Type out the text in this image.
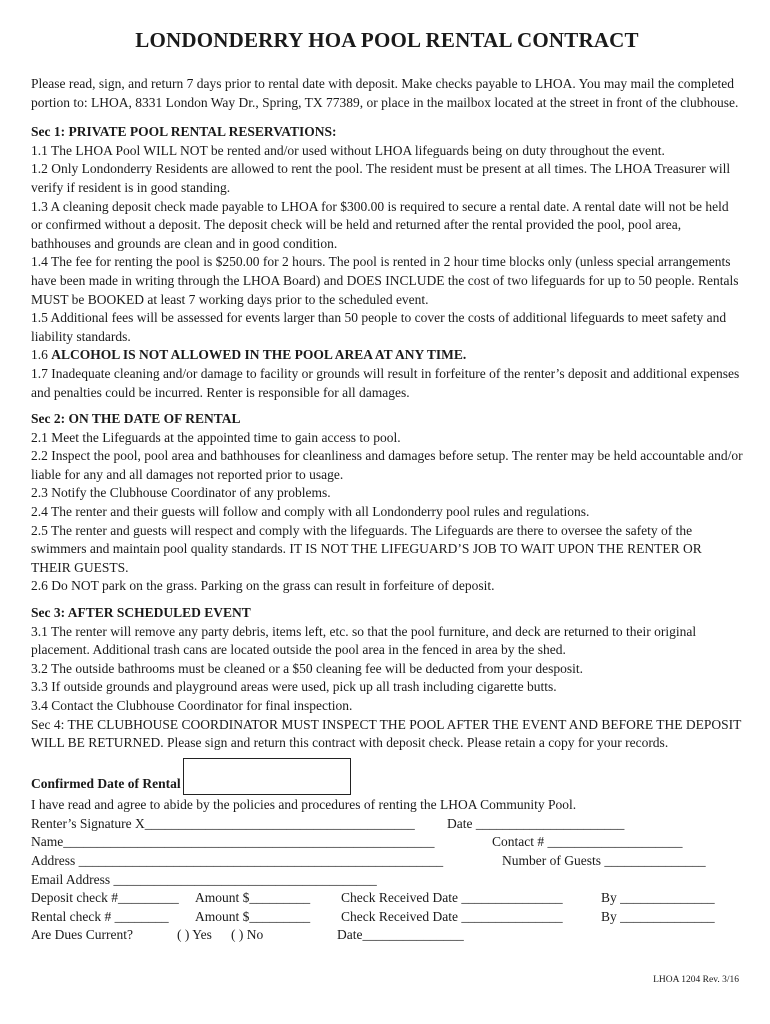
LONDONDERRY HOA POOL RENTAL CONTRACT

Please read, sign, and return 7 days prior to rental date with deposit. Make checks payable to LHOA. You may mail the completed portion to: LHOA, 8331 London Way Dr., Spring, TX 77389, or place in the mailbox located at the street in front of the clubhouse.

Sec 1: PRIVATE POOL RENTAL RESERVATIONS:

1.1 The LHOA Pool WILL NOT be rented and/or used without LHOA lifeguards being on duty throughout the event.

1.2 Only Londonderry Residents are allowed to rent the pool. The resident must be present at all times. The LHOA Treasurer will verify if resident is in good standing.

1.3 A cleaning deposit check made payable to LHOA for $300.00 is required to secure a rental date. A rental date will not be held or confirmed without a deposit. The deposit check will be held and returned after the rental provided the pool, pool area, bathhouses and grounds are clean and in good condition.

1.4 The fee for renting the pool is $250.00 for 2 hours. The pool is rented in 2 hour time blocks only (unless special arrangements have been made in writing through the LHOA Board) and DOES INCLUDE the cost of two lifeguards for up to 50 people. Rentals MUST be BOOKED at least 7 working days prior to the scheduled event.

1.5 Additional fees will be assessed for events larger than 50 people to cover the costs of additional lifeguards to meet safety and liability standards.

1.6 ALCOHOL IS NOT ALLOWED IN THE POOL AREA AT ANY TIME.

1.7 Inadequate cleaning and/or damage to facility or grounds will result in forfeiture of the renter’s deposit and additional expenses and penalties could be incurred. Renter is responsible for all damages.

Sec 2: ON THE DATE OF RENTAL

2.1 Meet the Lifeguards at the appointed time to gain access to pool.

2.2 Inspect the pool, pool area and bathhouses for cleanliness and damages before setup. The renter may be held accountable and/or liable for any and all damages not reported prior to usage.

2.3 Notify the Clubhouse Coordinator of any problems.

2.4 The renter and their guests will follow and comply with all Londonderry pool rules and regulations.

2.5 The renter and guests will respect and comply with the lifeguards. The Lifeguards are there to oversee the safety of the swimmers and maintain pool quality standards. IT IS NOT THE LIFEGUARD’S JOB TO WAIT UPON THE RENTER OR THEIR GUESTS.

2.6 Do NOT park on the grass. Parking on the grass can result in forfeiture of deposit.

Sec 3: AFTER SCHEDULED EVENT

3.1 The renter will remove any party debris, items left, etc. so that the pool furniture, and deck are returned to their original placement. Additional trash cans are located outside the pool area in the fenced in area by the shed.

3.2 The outside bathrooms must be cleaned or a $50 cleaning fee will be deducted from your desposit.

3.3 If outside grounds and playground areas were used, pick up all trash including cigarette butts.

3.4 Contact the Clubhouse Coordinator for final inspection.

Sec 4: THE CLUBHOUSE COORDINATOR MUST INSPECT THE POOL AFTER THE EVENT AND BEFORE THE DEPOSIT WILL BE RETURNED. Please sign and return this contract with deposit check. Please retain a copy for your records.

Confirmed Date of Rental
I have read and agree to abide by the policies and procedures of renting the LHOA Community Pool.
Renter’s Signature X________________________________________ Date ______________________
Name_______________________________________________________	Contact # ____________________
Address ______________________________________________________	Number of Guests _______________
Email Address _______________________________________
Deposit check #_________ Amount $_________ Check Received Date _______________	By ______________
Rental check # ________ Amount $_________ Check Received Date _______________	By ______________
Are Dues Current?	( ) Yes ( ) No	Date_______________
LHOA 1204 Rev. 3/16
